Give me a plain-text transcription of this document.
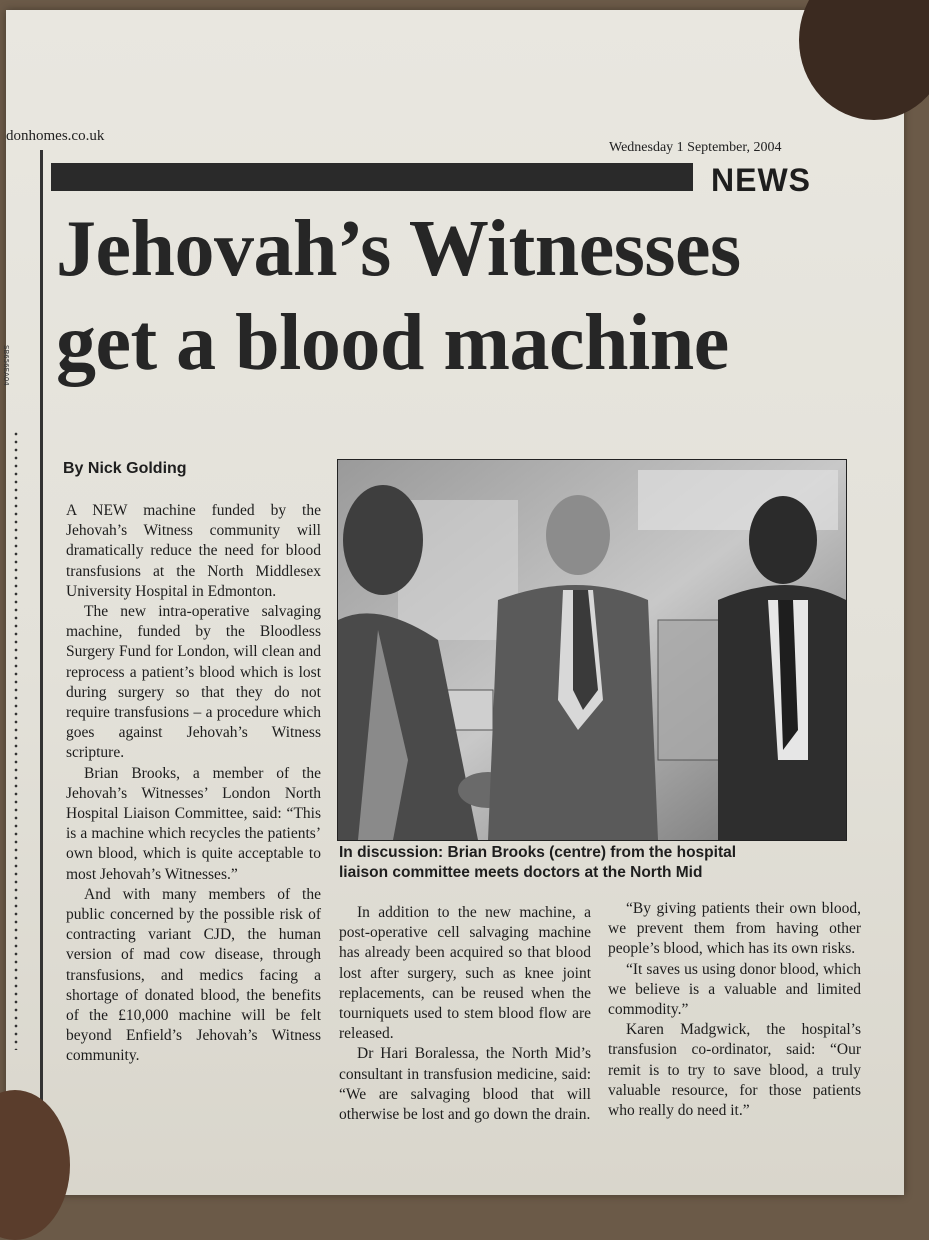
SB656EA04
donhomes.co.uk
Wednesday 1 September, 2004
NEWS
Jehovah’s Witnesses
get a blood machine
By Nick Golding

A NEW machine funded by the Jehovah’s Witness community will dramatically reduce the need for blood transfusions at the North Middlesex University Hospital in Edmonton.

The new intra-operative salvaging machine, funded by the Bloodless Surgery Fund for London, will clean and reprocess a patient’s blood which is lost during surgery so that they do not require transfusions – a procedure which goes against Jehovah’s Witness scripture.

Brian Brooks, a member of the Jehovah’s Witnesses’ London North Hospital Liaison Committee, said: “This is a machine which recycles the patients’ own blood, which is quite acceptable to most Jehovah’s Witnesses.”

And with many members of the public concerned by the possible risk of contracting variant CJD, the human version of mad cow disease, through transfusions, and medics facing a shortage of donated blood, the benefits of the £10,000 machine will be felt beyond Enfield’s Jehovah’s Witness community.

In discussion: Brian Brooks (centre) from the hospital
liaison committee meets doctors at the North Mid

In addition to the new machine, a post-operative cell salvaging machine has already been acquired so that blood lost after surgery, such as knee joint replacements, can be reused when the tourniquets used to stem blood flow are released.

Dr Hari Boralessa, the North Mid’s consultant in transfusion medicine, said: “We are salvaging blood that will otherwise be lost and go down the drain.

“By giving patients their own blood, we prevent them from having other people’s blood, which has its own risks.

“It saves us using donor blood, which we believe is a valuable and limited commodity.”

Karen Madgwick, the hospital’s transfusion co-ordinator, said: “Our remit is to try to save blood, a truly valuable resource, for those patients who really do need it.”
